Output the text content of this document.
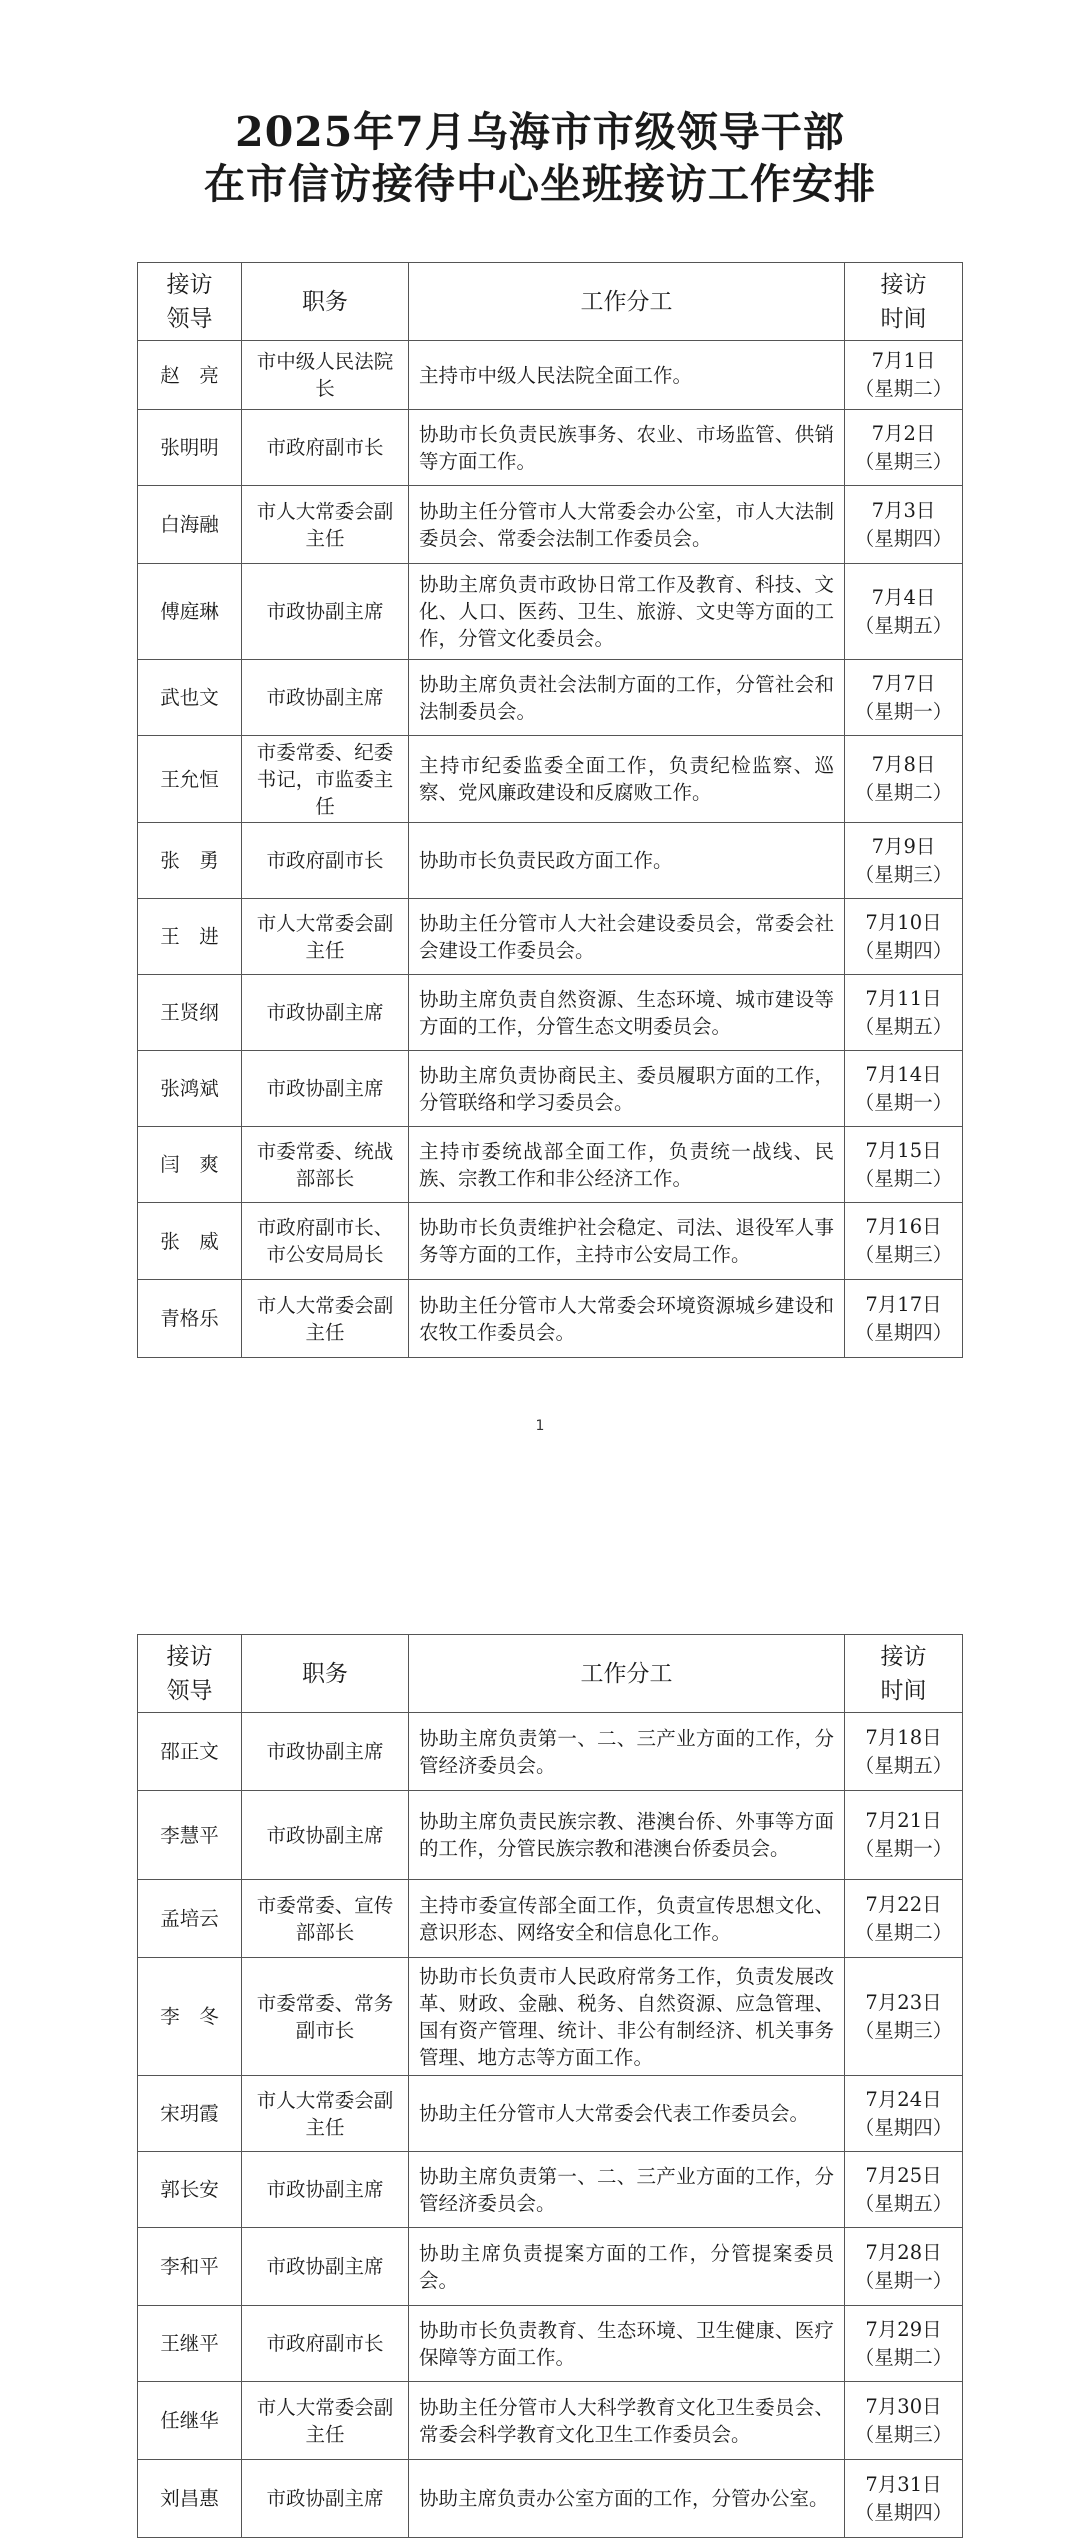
2025年7月乌海市市级领导干部
在市信访接待中心坐班接访工作安排
接访
领导	职务	工作分工	接访
时间
赵　亮	市中级人民法院长	主持市中级人民法院全面工作。	7月1日
（星期二）

张明明	市政府副市长	协助市长负责民族事务、农业、市场监管、供销等方面工作。	7月2日
（星期三）

白海融	市人大常委会副主任	协助主任分管市人大常委会办公室，市人大法制委员会、常委会法制工作委员会。	7月3日
（星期四）

傅庭琳	市政协副主席	协助主席负责市政协日常工作及教育、科技、文化、人口、医药、卫生、旅游、文史等方面的工作，分管文化委员会。	7月4日
（星期五）

武也文	市政协副主席	协助主席负责社会法制方面的工作，分管社会和法制委员会。	7月7日
（星期一）

王允恒	市委常委、纪委书记，市监委主任	主持市纪委监委全面工作，负责纪检监察、巡察、党风廉政建设和反腐败工作。	7月8日
（星期二）

张　勇	市政府副市长	协助市长负责民政方面工作。	7月9日
（星期三）

王　进	市人大常委会副主任	协助主任分管市人大社会建设委员会，常委会社会建设工作委员会。	7月10日
（星期四）

王贤纲	市政协副主席	协助主席负责自然资源、生态环境、城市建设等方面的工作，分管生态文明委员会。	7月11日
（星期五）

张鸿斌	市政协副主席	协助主席负责协商民主、委员履职方面的工作，分管联络和学习委员会。	7月14日
（星期一）

闫　爽	市委常委、统战部部长	主持市委统战部全面工作，负责统一战线、民族、宗教工作和非公经济工作。	7月15日
（星期二）

张　威	市政府副市长、市公安局局长	协助市长负责维护社会稳定、司法、退役军人事务等方面的工作，主持市公安局工作。	7月16日
（星期三）

青格乐	市人大常委会副主任	协助主任分管市人大常委会环境资源城乡建设和农牧工作委员会。	7月17日
（星期四）
1
接访
领导	职务	工作分工	接访
时间
邵正文	市政协副主席	协助主席负责第一、二、三产业方面的工作，分管经济委员会。	7月18日
（星期五）

李慧平	市政协副主席	协助主席负责民族宗教、港澳台侨、外事等方面的工作，分管民族宗教和港澳台侨委员会。	7月21日
（星期一）

孟培云	市委常委、宣传部部长	主持市委宣传部全面工作，负责宣传思想文化、意识形态、网络安全和信息化工作。	7月22日
（星期二）

李　冬	市委常委、常务副市长	协助市长负责市人民政府常务工作，负责发展改革、财政、金融、税务、自然资源、应急管理、国有资产管理、统计、非公有制经济、机关事务管理、地方志等方面工作。	7月23日
（星期三）

宋玥霞	市人大常委会副主任	协助主任分管市人大常委会代表工作委员会。	7月24日
（星期四）

郭长安	市政协副主席	协助主席负责第一、二、三产业方面的工作，分管经济委员会。	7月25日
（星期五）

李和平	市政协副主席	协助主席负责提案方面的工作，分管提案委员会。	7月28日
（星期一）

王继平	市政府副市长	协助市长负责教育、生态环境、卫生健康、医疗保障等方面工作。	7月29日
（星期二）

任继华	市人大常委会副主任	协助主任分管市人大科学教育文化卫生委员会、常委会科学教育文化卫生工作委员会。	7月30日
（星期三）

刘昌惠	市政协副主席	协助主席负责办公室方面的工作，分管办公室。	7月31日
（星期四）
